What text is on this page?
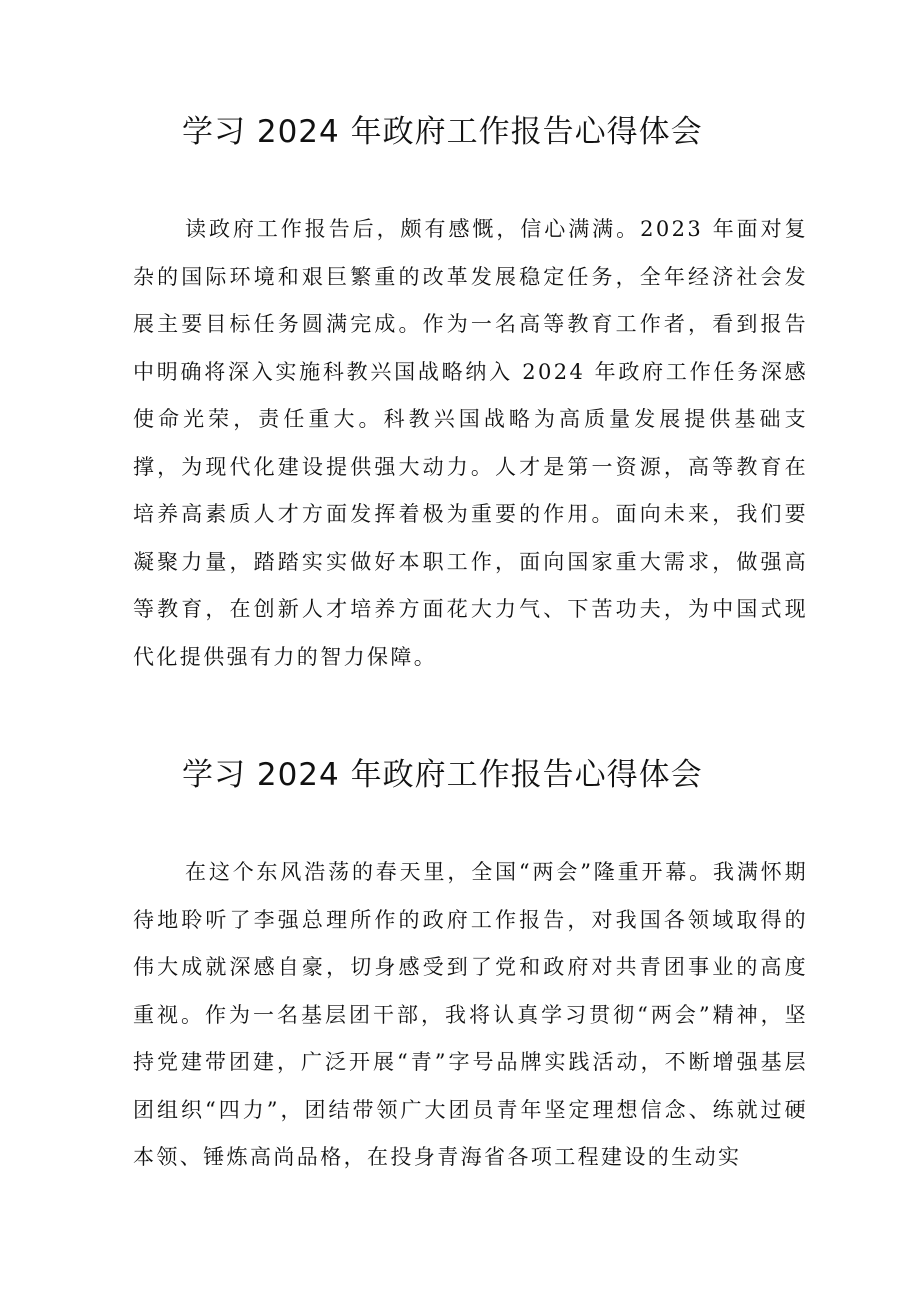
学习 2024 年政府工作报告心得体会

读政府工作报告后，颇有感慨，信心满满。2023 年面对复杂的国际环境和艰巨繁重的改革发展稳定任务，全年经济社会发展主要目标任务圆满完成。作为一名高等教育工作者，看到报告中明确将深入实施科教兴国战略纳入 2024 年政府工作任务深感使命光荣，责任重大。科教兴国战略为高质量发展提供基础支撑，为现代化建设提供强大动力。人才是第一资源，高等教育在培养高素质人才方面发挥着极为重要的作用。面向未来，我们要凝聚力量，踏踏实实做好本职工作，面向国家重大需求，做强高等教育，在创新人才培养方面花大力气、下苦功夫，为中国式现代化提供强有力的智力保障。

学习 2024 年政府工作报告心得体会

在这个东风浩荡的春天里，全国“两会”隆重开幕。我满怀期待地聆听了李强总理所作的政府工作报告，对我国各领域取得的伟大成就深感自豪，切身感受到了党和政府对共青团事业的高度重视。作为一名基层团干部，我将认真学习贯彻“两会”精神，坚持党建带团建，广泛开展“青”字号品牌实践活动，不断增强基层团组织“四力”，团结带领广大团员青年坚定理想信念、练就过硬本领、锤炼高尚品格，在投身青海省各项工程建设的生动实
